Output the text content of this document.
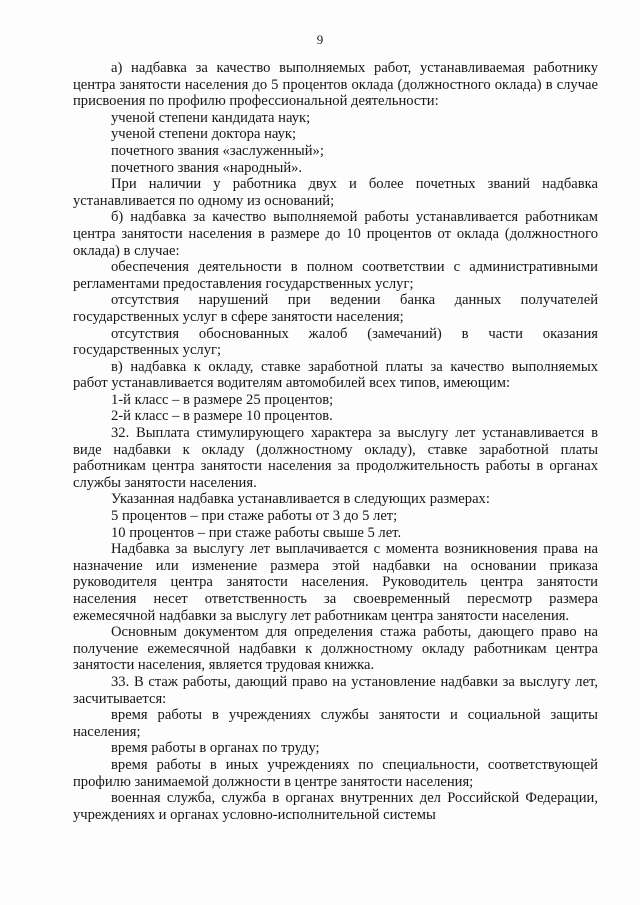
9

а) надбавка за качество выполняемых работ, устанавливаемая работнику центра занятости населения до 5 процентов оклада (должностного оклада) в случае присвоения по профилю профессиональной деятельности:

ученой степени кандидата наук;

ученой степени доктора наук;

почетного звания «заслуженный»;

почетного звания «народный».

При наличии у работника двух и более почетных званий надбавка устанавливается по одному из оснований;

б) надбавка за качество выполняемой работы устанавливается работникам центра занятости населения в размере до 10 процентов от оклада (должностного оклада) в случае:

обеспечения деятельности в полном соответствии с административными регламентами предоставления государственных услуг;

отсутствия нарушений при ведении банка данных получателей государственных услуг в сфере занятости населения;

отсутствия обоснованных жалоб (замечаний) в части оказания государственных услуг;

в) надбавка к окладу, ставке заработной платы за качество выполняемых работ устанавливается водителям автомобилей всех типов, имеющим:

1-й класс – в размере 25 процентов;

2-й класс – в размере 10 процентов.

32. Выплата стимулирующего характера за выслугу лет устанавливается в виде надбавки к окладу (должностному окладу), ставке заработной платы работникам центра занятости населения за продолжительность работы в органах службы занятости населения.

Указанная надбавка устанавливается в следующих размерах:

5 процентов – при стаже работы от 3 до 5 лет;

10 процентов – при стаже работы свыше 5 лет.

Надбавка за выслугу лет выплачивается с момента возникновения права на назначение или изменение размера этой надбавки на основании приказа руководителя центра занятости населения. Руководитель центра занятости населения несет ответственность за своевременный пересмотр размера ежемесячной надбавки за выслугу лет работникам центра занятости населения.

Основным документом для определения стажа работы, дающего право на получение ежемесячной надбавки к должностному окладу работникам центра занятости населения, является трудовая книжка.

33. В стаж работы, дающий право на установление надбавки за выслугу лет, засчитывается:

время работы в учреждениях службы занятости и социальной защиты населения;

время работы в органах по труду;

время работы в иных учреждениях по специальности, соответствующей профилю занимаемой должности в центре занятости населения;

военная служба, служба в органах внутренних дел Российской Федерации, учреждениях и органах условно-исполнительной системы
